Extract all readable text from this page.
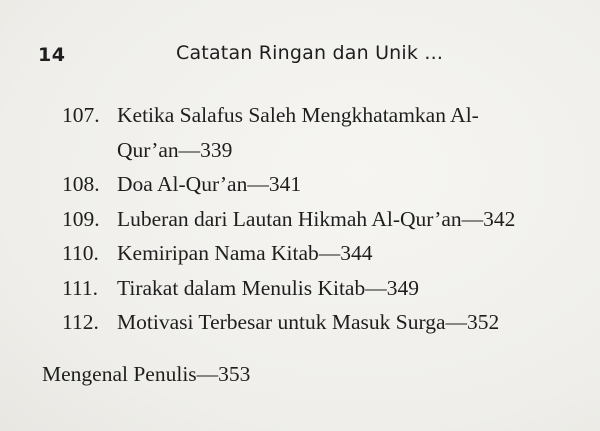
14	Catatan Ringan dan Unik ...
107. Ketika Salafus Saleh Mengkhatamkan Al-
Qur’an—339
108. Doa Al-Qur’an—341
109. Luberan dari Lautan Hikmah Al-Qur’an—342
110. Kemiripan Nama Kitab—344
111. Tirakat dalam Menulis Kitab—349
112. Motivasi Terbesar untuk Masuk Surga—352
Mengenal Penulis—353
